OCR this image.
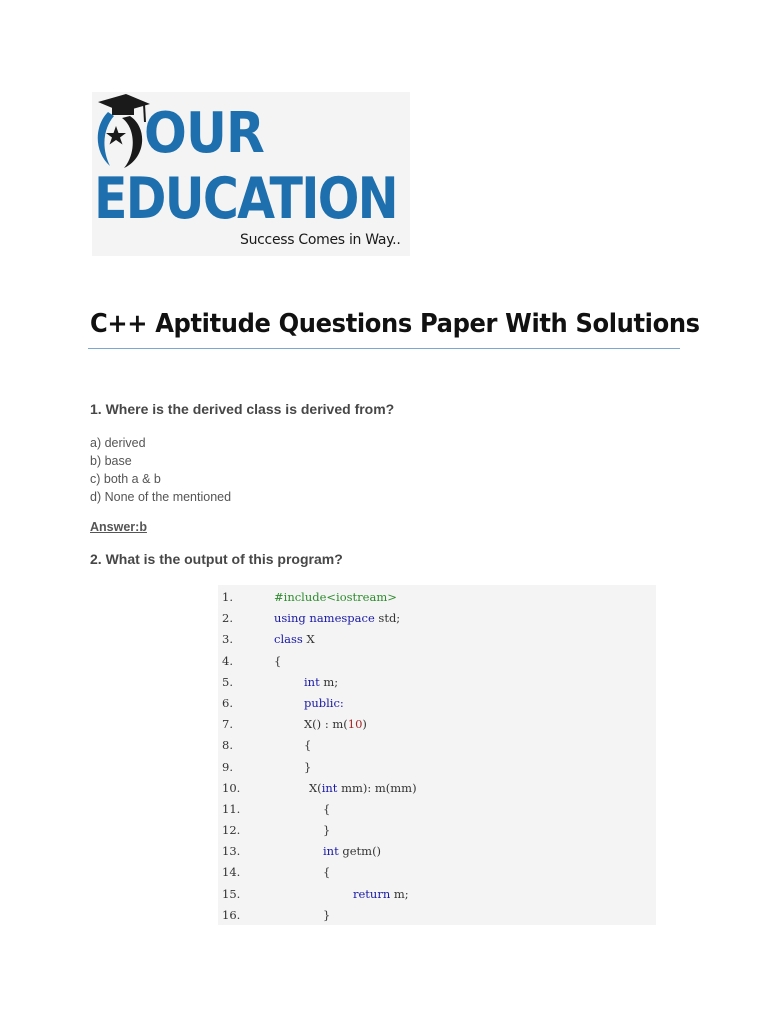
OUR
EDUCATION
Success Comes in Way..
C++ Aptitude Questions Paper With Solutions
1. Where is the derived class is derived from?
a) derived
b) base
c) both a & b
d) None of the mentioned
Answer:b
2. What is the output of this program?
1.	#include<iostream>
2.	using namespace std;
3.	class X
4.	{
5.	int m;
6.	public:
7.	X() : m(10)
8.	{
9.	}
10.	X(int mm): m(mm)
11.	{
12.	}
13.	int getm()
14.	{
15.	return m;
16.	}
